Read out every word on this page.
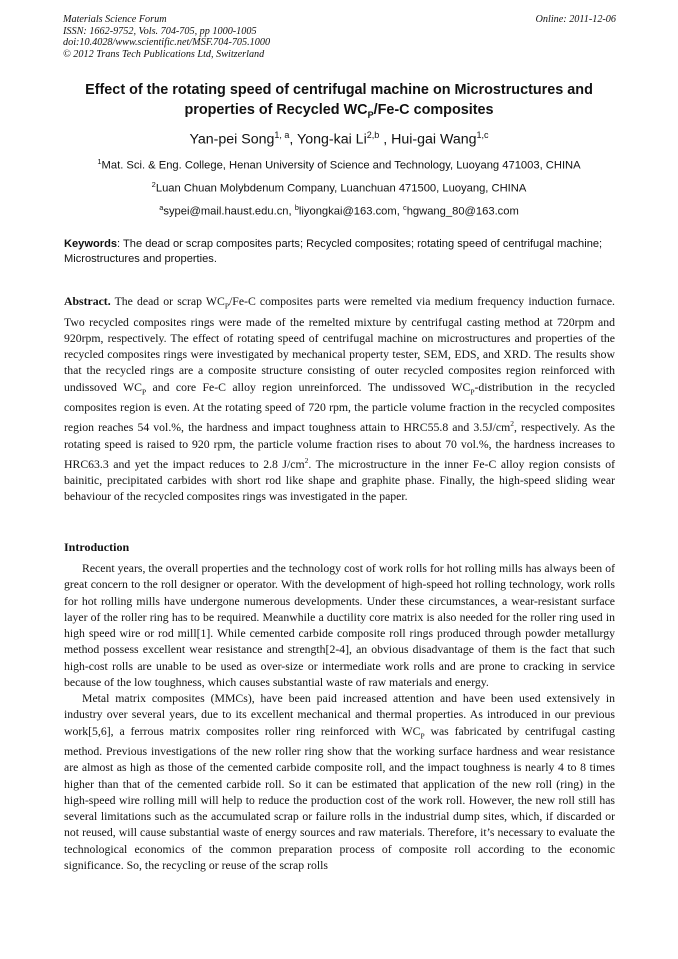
Materials Science Forum
ISSN: 1662-9752, Vols. 704-705, pp 1000-1005
doi:10.4028/www.scientific.net/MSF.704-705.1000
© 2012 Trans Tech Publications Ltd, Switzerland
Online: 2011-12-06
Effect of the rotating speed of centrifugal machine on Microstructures and
properties of Recycled $WC_P/Fe-C$ composites
Yan-pei Song$^{1, a}$, Yong-kai Li$^{2,b}$ , Hui-gai Wang$^{1,c}$
$^1$Mat. Sci. & Eng. College, Henan University of Science and Technology, Luoyang 471003, CHINA
$^2$Luan Chuan Molybdenum Company, Luanchuan 471500, Luoyang, CHINA
$^a$sypei@mail.haust.edu.cn, $^b$liyongkai@163.com, $^c$hgwang_80@163.com
Keywords: The dead or scrap composites parts; Recycled composites; rotating speed of centrifugal machine; Microstructures and properties.
Abstract. The dead or scrap $WC_P/Fe-C$ composites parts were remelted via medium frequency induction furnace. Two recycled composites rings were made of the remelted mixture by centrifugal casting method at 720rpm and 920rpm, respectively. The effect of rotating speed of centrifugal machine on microstructures and properties of the recycled composites rings were investigated by mechanical property tester, SEM, EDS, and XRD. The results show that the recycled rings are a composite structure consisting of outer recycled composites region reinforced with undissoved $WC_P$ and core Fe-C alloy region unreinforced. The undissoved $WC_P$-distribution in the recycled composites region is even. At the rotating speed of 720 rpm, the particle volume fraction in the recycled composites region reaches 54 vol.%, the hardness and impact toughness attain to HRC55.8 and $3.5J/cm^2$, respectively. As the rotating speed is raised to 920 rpm, the particle volume fraction rises to about 70 vol.%, the hardness increases to HRC63.3 and yet the impact reduces to 2.8 $J/cm^2$. The microstructure in the inner Fe-C alloy region consists of bainitic, precipitated carbides with short rod like shape and graphite phase. Finally, the high-speed sliding wear behaviour of the recycled composites rings was investigated in the paper.
Introduction

Recent years, the overall properties and the technology cost of work rolls for hot rolling mills has always been of great concern to the roll designer or operator. With the development of high-speed hot rolling technology, work rolls for hot rolling mills have undergone numerous developments. Under these circumstances, a wear-resistant surface layer of the roller ring has to be required. Meanwhile a ductility core matrix is also needed for the roller ring used in high speed wire or rod mill[1]. While cemented carbide composite roll rings produced through powder metallurgy method possess excellent wear resistance and strength[2-4], an obvious disadvantage of them is the fact that such high-cost rolls are unable to be used as over-size or intermediate work rolls and are prone to cracking in service because of the low toughness, which causes substantial waste of raw materials and energy.

Metal matrix composites (MMCs), have been paid increased attention and have been used extensively in industry over several years, due to its excellent mechanical and thermal properties. As introduced in our previous work[5,6], a ferrous matrix composites roller ring reinforced with $WC_P$ was fabricated by centrifugal casting method. Previous investigations of the new roller ring show that the working surface hardness and wear resistance are almost as high as those of the cemented carbide composite roll, and the impact toughness is nearly 4 to 8 times higher than that of the cemented carbide roll. So it can be estimated that application of the new roll (ring) in the high-speed wire rolling mill will help to reduce the production cost of the work roll. However, the new roll still has several limitations such as the accumulated scrap or failure rolls in the industrial dump sites, which, if discarded or not reused, will cause substantial waste of energy sources and raw materials. Therefore, it’s necessary to evaluate the technological economics of the common preparation process of composite roll according to the economic significance. So, the recycling or reuse of the scrap rolls
